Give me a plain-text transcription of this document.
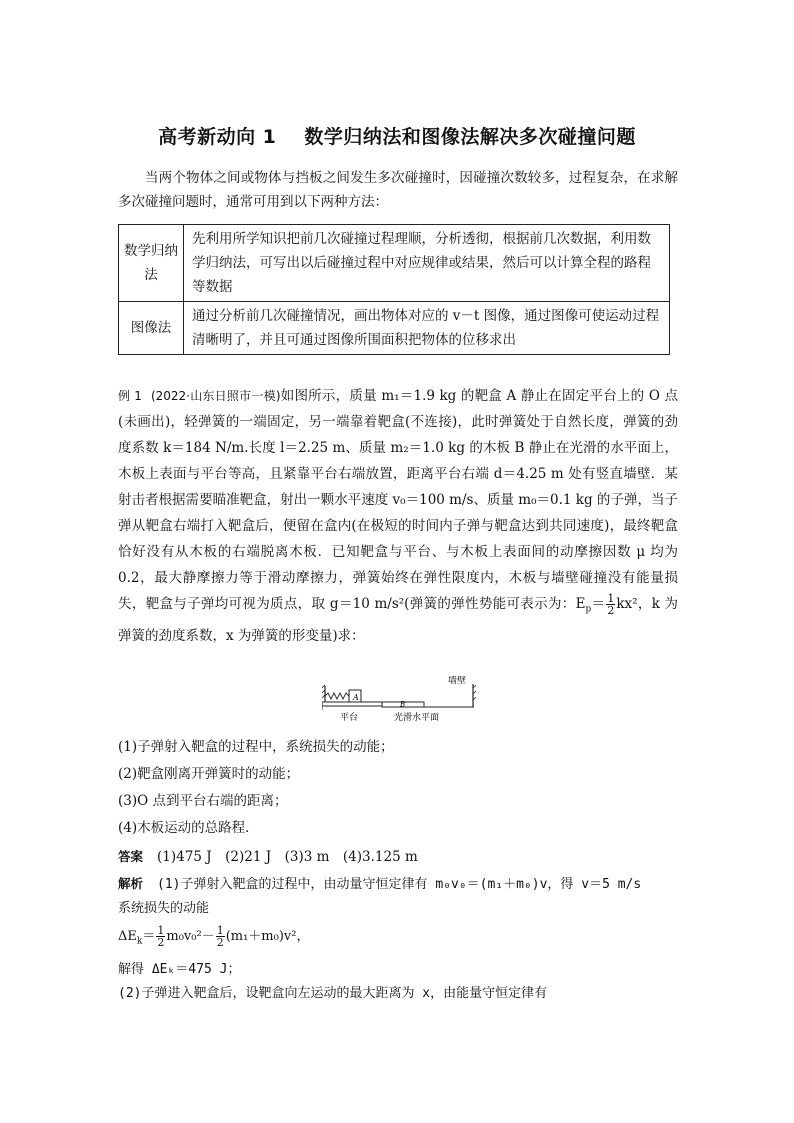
高考新动向 1 数学归纳法和图像法解决多次碰撞问题

当两个物体之间或物体与挡板之间发生多次碰撞时，因碰撞次数较多，过程复杂，在求解多次碰撞问题时，通常可用到以下两种方法：

数学归纳法	先利用所学知识把前几次碰撞过程理顺，分析透彻，根据前几次数据，利用数学归纳法，可写出以后碰撞过程中对应规律或结果，然后可以计算全程的路程等数据
图像法	通过分析前几次碰撞情况，画出物体对应的 v－t 图像，通过图像可使运动过程清晰明了，并且可通过图像所围面积把物体的位移求出

例 1 (2022·山东日照市一模)如图所示，质量 m₁＝1.9 kg 的靶盒 A 静止在固定平台上的 O 点(未画出)，轻弹簧的一端固定，另一端靠着靶盒(不连接)，此时弹簧处于自然长度，弹簧的劲度系数 k＝184 N/m.长度 l＝2.25 m、质量 m₂＝1.0 kg 的木板 B 静止在光滑的水平面上，木板上表面与平台等高，且紧靠平台右端放置，距离平台右端 d＝4.25 m 处有竖直墙壁．某射击者根据需要瞄准靶盒，射出一颗水平速度 v₀＝100 m/s、质量 m₀＝0.1 kg 的子弹，当子弹从靶盒右端打入靶盒后，便留在盒内(在极短的时间内子弹与靶盒达到共同速度)，最终靶盒恰好没有从木板的右端脱离木板．已知靶盒与平台、与木板上表面间的动摩擦因数 μ 均为 0.2，最大静摩擦力等于滑动摩擦力，弹簧始终在弹性限度内，木板与墙壁碰撞没有能量损失，靶盒与子弹均可视为质点，取 g＝10 m/s²(弹簧的弹性势能可表示为：$E_p= \frac{1}{2} kx^2$，k 为弹簧的劲度系数，x 为弹簧的形变量)求：

A
B
墙壁
平台	光滑水平面
(1)子弹射入靶盒的过程中，系统损失的动能；
(2)靶盒刚离开弹簧时的动能；
(3)O 点到平台右端的距离；
(4)木板运动的总路程．
答案 (1)475 J　(2)21 J　(3)3 m　(4)3.125 m
解析 (1)子弹射入靶盒的过程中，由动量守恒定律有 m₀v₀＝(m₁＋m₀)v，得 v＝5 m/s
系统损失的动能
$\Delta E_k= \frac{1}{2} m_0v_0^2- \frac{1}{2} (m_1+m_0)v^2$，
解得 ΔEₖ＝475 J；
(2)子弹进入靶盒后，设靶盒向左运动的最大距离为 x，由能量守恒定律有
